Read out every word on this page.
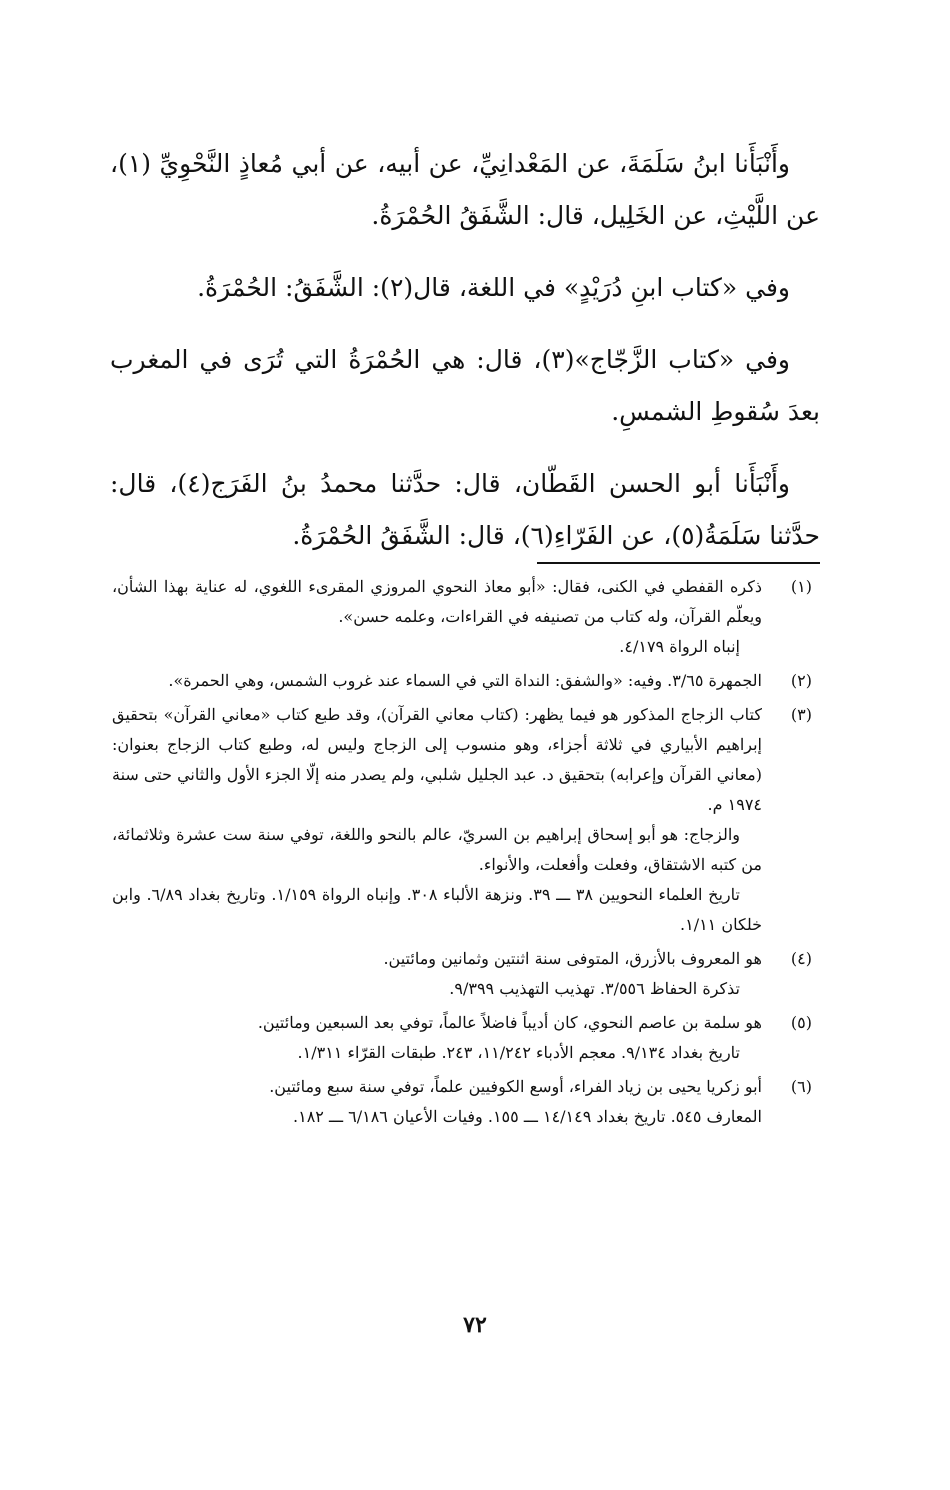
وأَنْبَأَنا ابنُ سَلَمَةَ، عن المَعْدانِيِّ، عن أبيه، عن أبي مُعاذٍ النَّحْوِيِّ (١)، عن اللَّيْثِ، عن الخَلِيل، قال: الشَّفَقُ الحُمْرَةُ.

وفي «كتاب ابنِ دُرَيْدٍ» في اللغة، قال(٢): الشَّفَقُ: الحُمْرَةُ.

وفي «كتاب الزَّجّاج»(٣)، قال: هي الحُمْرَةُ التي تُرَى في المغرب بعدَ سُقوطِ الشمسِ.

وأَنْبَأَنا أبو الحسن القَطّان، قال: حدَّثنا محمدُ بنُ الفَرَج(٤)، قال: حدَّثنا سَلَمَةُ(٥)، عن الفَرّاءِ(٦)، قال: الشَّفَقُ الحُمْرَةُ.

(١)

ذكره القفطي في الكنى، فقال: «أبو معاذ النحوي المروزي المقرىء اللغوي، له عناية بهذا الشأن، ويعلّم القرآن، وله كتاب من تصنيفه في القراءات، وعلمه حسن».

إنباه الرواة ٤/١٧٩.

(٢)

الجمهرة ٣/٦٥. وفيه: «والشفق: النداة التي في السماء عند غروب الشمس، وهي الحمرة».

(٣)

كتاب الزجاج المذكور هو فيما يظهر: (كتاب معاني القرآن)، وقد طبع كتاب «معاني القرآن» بتحقيق إبراهيم الأبياري في ثلاثة أجزاء، وهو منسوب إلى الزجاج وليس له، وطبع كتاب الزجاج بعنوان: (معاني القرآن وإعرابه) بتحقيق د. عبد الجليل شلبي، ولم يصدر منه إلّا الجزء الأول والثاني حتى سنة ١٩٧٤ م.

والزجاج: هو أبو إسحاق إبراهيم بن السريّ، عالم بالنحو واللغة، توفي سنة ست عشرة وثلاثمائة، من كتبه الاشتقاق، وفعلت وأفعلت، والأنواء.

تاريخ العلماء النحويين ٣٨ ـــ ٣٩. ونزهة الألباء ٣٠٨. وإنباه الرواة ١/١٥٩. وتاريخ بغداد ٦/٨٩. وابن خلكان ١/١١.

(٤)

هو المعروف بالأزرق، المتوفى سنة اثنتين وثمانين ومائتين.

تذكرة الحفاظ ٣/٥٥٦. تهذيب التهذيب ٩/٣٩٩.

(٥)

هو سلمة بن عاصم النحوي، كان أديباً فاضلاً عالماً، توفي بعد السبعين ومائتين.

تاريخ بغداد ٩/١٣٤. معجم الأدباء ١١/٢٤٢، ٢٤٣. طبقات القرّاء ١/٣١١.

(٦)

أبو زكريا يحيى بن زياد الفراء، أوسع الكوفيين علماً، توفي سنة سبع ومائتين.

المعارف ٥٤٥. تاريخ بغداد ١٤/١٤٩ ـــ ١٥٥. وفيات الأعيان ٦/١٨٦ ـــ ١٨٢.

٧٢
